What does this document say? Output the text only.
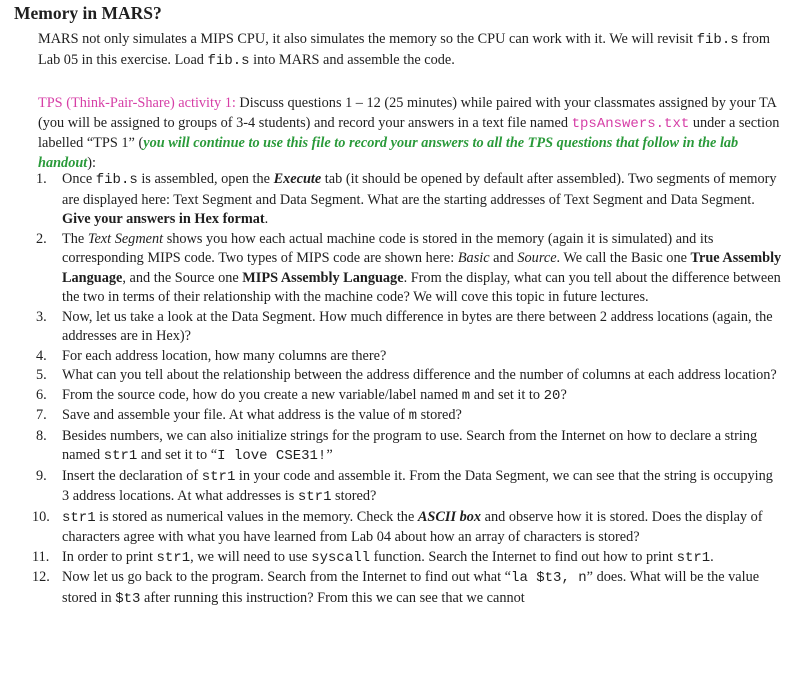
Memory in MARS?
MARS not only simulates a MIPS CPU, it also simulates the memory so the CPU can work with it. We will revisit fib.s from Lab 05 in this exercise. Load fib.s into MARS and assemble the code.
TPS (Think-Pair-Share) activity 1: Discuss questions 1 – 12 (25 minutes) while paired with your classmates assigned by your TA (you will be assigned to groups of 3-4 students) and record your answers in a text file named tpsAnswers.txt under a section labelled “TPS 1” (you will continue to use this file to record your answers to all the TPS questions that follow in the lab handout):
1.	Once fib.s is assembled, open the Execute tab (it should be opened by default after assembled). Two segments of memory are displayed here: Text Segment and Data Segment. What are the starting addresses of Text Segment and Data Segment. Give your answers in Hex format.
2.	The Text Segment shows you how each actual machine code is stored in the memory (again it is simulated) and its corresponding MIPS code. Two types of MIPS code are shown here: Basic and Source. We call the Basic one True Assembly Language, and the Source one MIPS Assembly Language. From the display, what can you tell about the difference between the two in terms of their relationship with the machine code? We will cove this topic in future lectures.
3.	Now, let us take a look at the Data Segment. How much difference in bytes are there between 2 address locations (again, the addresses are in Hex)?
4.	For each address location, how many columns are there?
5.	What can you tell about the relationship between the address difference and the number of columns at each address location?
6.	From the source code, how do you create a new variable/label named m and set it to 20?
7.	Save and assemble your file. At what address is the value of m stored?
8.	Besides numbers, we can also initialize strings for the program to use. Search from the Internet on how to declare a string named str1 and set it to “I love CSE31!”
9.	Insert the declaration of str1 in your code and assemble it. From the Data Segment, we can see that the string is occupying 3 address locations. At what addresses is str1 stored?
10. str1 is stored as numerical values in the memory. Check the ASCII box and observe how it is stored. Does the display of characters agree with what you have learned from Lab 04 about how an array of characters is stored?
11. In order to print str1, we will need to use syscall function. Search the Internet to find out how to print str1.
12. Now let us go back to the program. Search from the Internet to find out what “la $t3, n” does. What will be the value stored in $t3 after running this instruction? From this we can see that we cannot
